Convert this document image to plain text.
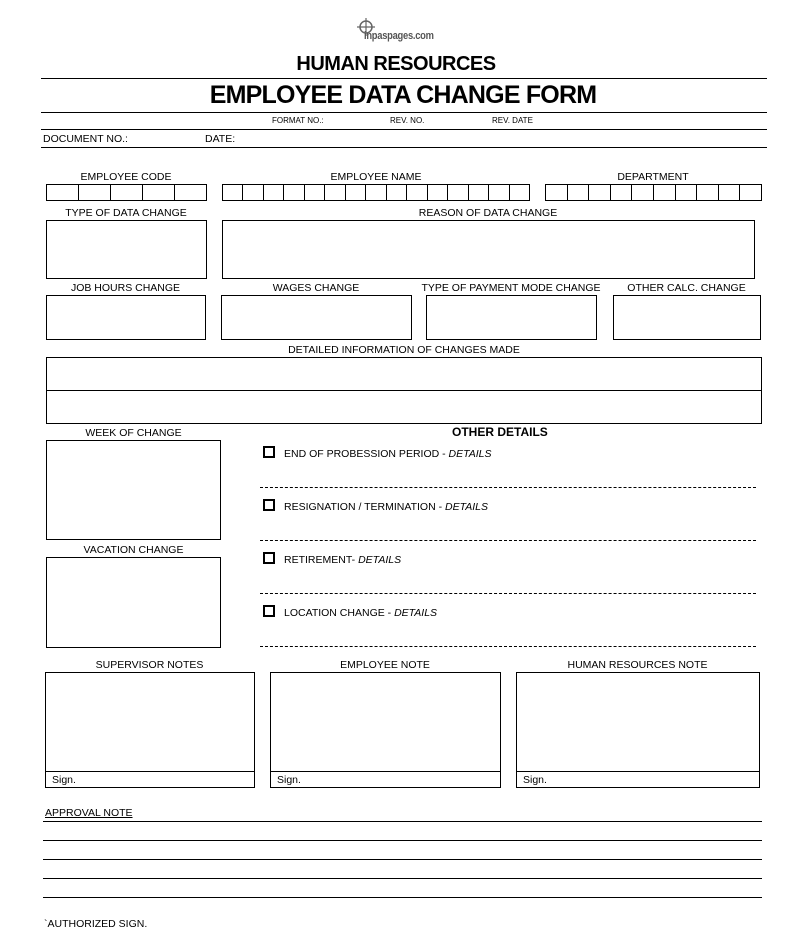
inpaspages.com
HUMAN RESOURCES
EMPLOYEE DATA CHANGE FORM
FORMAT NO.:	REV. NO.	REV. DATE
DOCUMENT NO.:	DATE:
EMPLOYEE CODE	EMPLOYEE NAME	DEPARTMENT
TYPE OF DATA CHANGE	REASON OF DATA CHANGE
JOB HOURS CHANGE	WAGES CHANGE	TYPE OF PAYMENT MODE CHANGE	OTHER CALC. CHANGE
DETAILED INFORMATION OF CHANGES MADE
WEEK OF CHANGE
VACATION CHANGE
OTHER DETAILS
END OF PROBESSION PERIOD - DETAILS
RESIGNATION / TERMINATION - DETAILS
RETIREMENT- DETAILS
LOCATION CHANGE - DETAILS
SUPERVISOR NOTES	EMPLOYEE NOTE	HUMAN RESOURCES NOTE
Sign.	Sign.	Sign.
APPROVAL NOTE
`AUTHORIZED SIGN.
